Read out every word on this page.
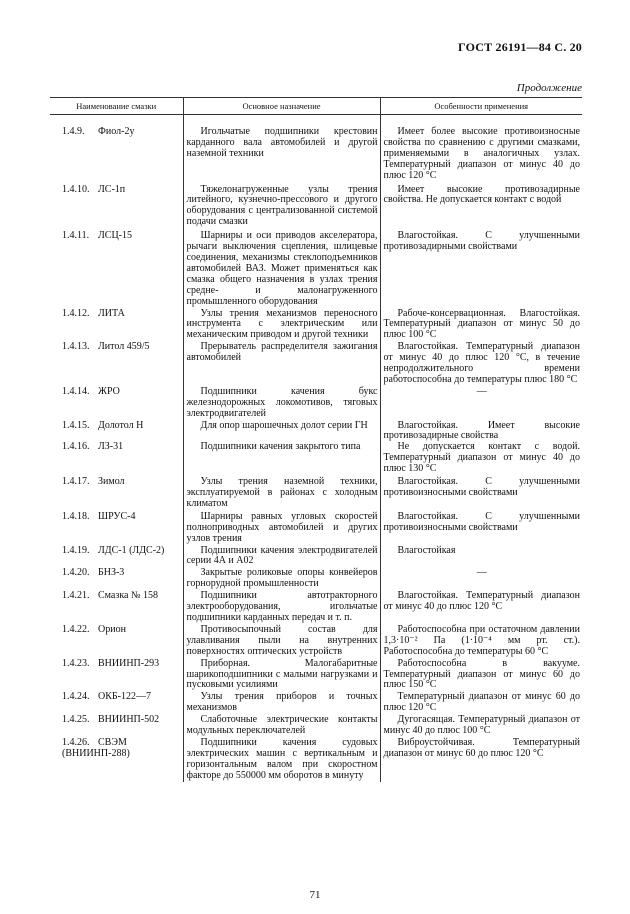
ГОСТ 26191—84 С. 20
Продолжение
Наименование смазки	Основное назначение	Особенности применения
1.4.9. Фиол-2у	Игольчатые подшипники крестовин карданного вала автомобилей и другой наземной техники	Имеет более высокие противоизносные свойства по сравнению с другими смазками, применяемыми в аналогичных узлах. Температурный диапазон от минус 40 до плюс 120 °C
1.4.10. ЛС-1п	Тяжелонагруженные узлы трения литейного, кузнечно-прессового и другого оборудования с централизованной системой подачи смазки	Имеет высокие противозадирные свойства. Не допускается контакт с водой
1.4.11. ЛСЦ-15	Шарниры и оси приводов акселератора, рычаги выключения сцепления, шлицевые соединения, механизмы стеклоподъемников автомобилей ВАЗ. Может применяться как смазка общего назначения в узлах трения средне- и малонагруженного промышленного оборудования	Влагостойкая. С улучшенными противозадирными свойствами
1.4.12. ЛИТА	Узлы трения механизмов переносного инструмента с электрическим или механическим приводом и другой техники	Рабоче-консервационная. Влагостойкая. Температурный диапазон от минус 50 до плюс 100 °C
1.4.13. Литол 459/5	Прерыватель распределителя зажигания автомобилей	Влагостойкая. Температурный диапазон от минус 40 до плюс 120 °C, в течение непродолжительного времени работоспособна до температуры плюс 180 °C
1.4.14. ЖРО	Подшипники качения букс железнодорожных локомотивов, тяговых электродвигателей	—
1.4.15. Долотол Н	Для опор шарошечных долот серии ГН	Влагостойкая. Имеет высокие противозадирные свойства
1.4.16. ЛЗ-31	Подшипники качения закрытого типа	Не допускается контакт с водой. Температурный диапазон от минус 40 до плюс 130 °C
1.4.17. Зимол	Узлы трения наземной техники, эксплуатируемой в районах с холодным климатом	Влагостойкая. С улучшенными противоизносными свойствами
1.4.18. ШРУС-4	Шарниры равных угловых скоростей полноприводных автомобилей и других узлов трения	Влагостойкая. С улучшенными противоизносными свойствами
1.4.19. ЛДС-1 (ЛДС-2)	Подшипники качения электродвигателей серии 4А и А02	Влагостойкая
1.4.20. БНЗ-3	Закрытые роликовые опоры конвейеров горнорудной промышленности	—
1.4.21. Смазка № 158	Подшипники автотракторного электрооборудования, игольчатые подшипники карданных передач и т. п.	Влагостойкая. Температурный диапазон от минус 40 до плюс 120 °C
1.4.22. Орион	Противосыпочный состав для улавливания пыли на внутренних поверхностях оптических устройств	Работоспособна при остаточном давлении 1,3·10⁻² Па (1·10⁻⁴ мм рт. ст.). Работоспособна до температуры 60 °C
1.4.23. ВНИИНП-293	Приборная. Малогабаритные шарикоподшипники с малыми нагрузками и пусковыми усилиями	Работоспособна в вакууме. Температурный диапазон от минус 60 до плюс 150 °C
1.4.24. ОКБ-122—7	Узлы трения приборов и точных механизмов	Температурный диапазон от минус 60 до плюс 120 °C
1.4.25. ВНИИНП-502	Слаботочные электрические контакты модульных переключателей	Дугогасящая. Температурный диапазон от минус 40 до плюс 100 °C
1.4.26. СВЭМ (ВНИИНП-288)	Подшипники качения судовых электрических машин с вертикальным и горизонтальным валом при скоростном факторе до 550000 мм оборотов в минуту	Виброустойчивая. Температурный диапазон от минус 60 до плюс 120 °C
71
